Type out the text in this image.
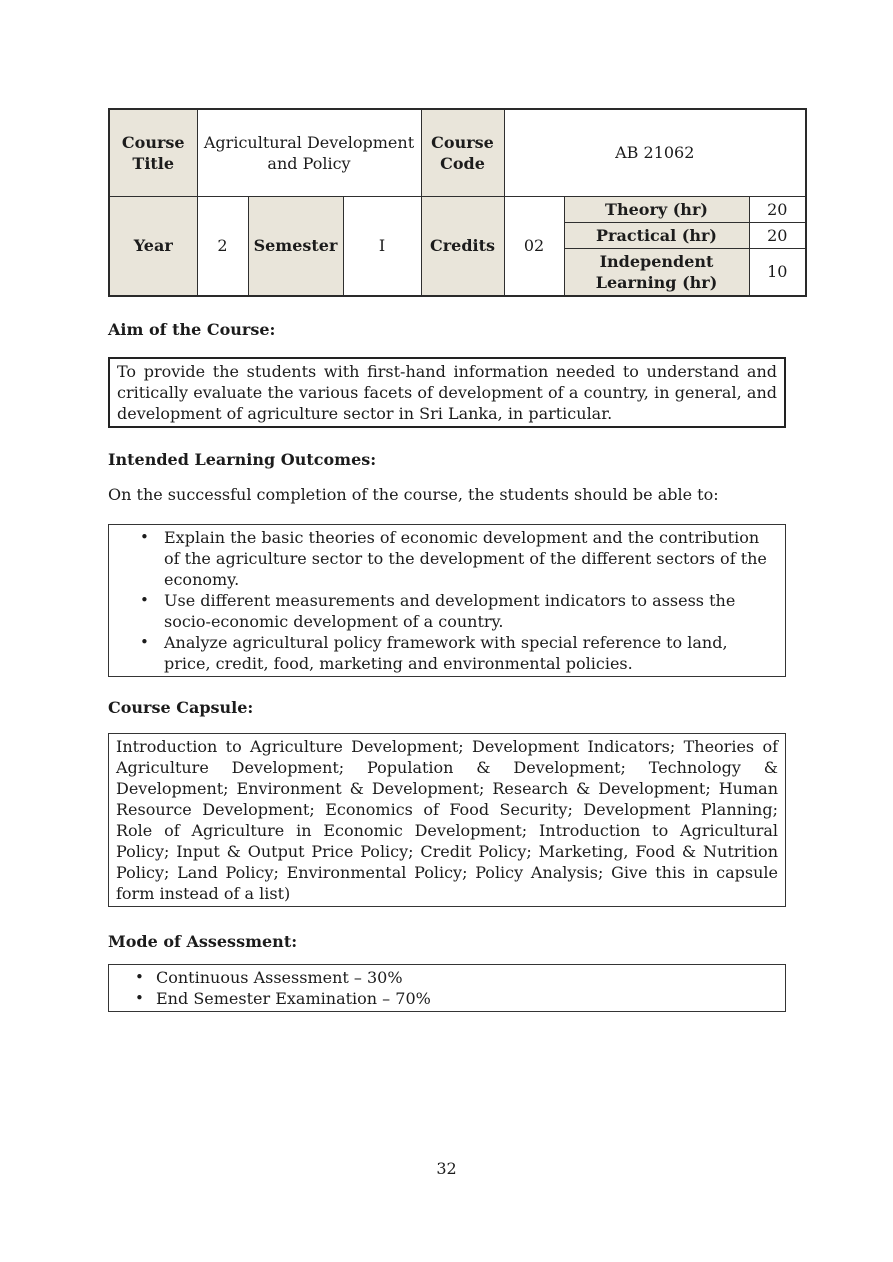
Course Title	Agricultural Development and Policy			Course Code	AB 21062		
Year	2	Semester	I	Credits	02	Theory (hr)	20
						Practical (hr)	20
						Independent Learning (hr)	10
Aim of the Course:
To provide the students with first-hand information needed to understand and critically evaluate the various facets of development of a country, in general, and development of agriculture sector in Sri Lanka, in particular.
Intended Learning Outcomes:
On the successful completion of the course, the students should be able to:
• Explain the basic theories of economic development and the contribution of the agriculture sector to the development of the different sectors of the economy.
• Use different measurements and development indicators to assess the socio-economic development of a country.
• Analyze agricultural policy framework with special reference to land, price, credit, food, marketing and environmental policies.
Course Capsule:
Introduction to Agriculture Development; Development Indicators; Theories of Agriculture Development; Population & Development; Technology & Development; Environment & Development; Research & Development; Human Resource Development; Economics of Food Security; Development Planning; Role of Agriculture in Economic Development; Introduction to Agricultural Policy; Input & Output Price Policy; Credit Policy; Marketing, Food & Nutrition Policy; Land Policy; Environmental Policy; Policy Analysis; Give this in capsule form instead of a list)
Mode of Assessment:
• Continuous Assessment – 30%
• End Semester Examination – 70%
32
